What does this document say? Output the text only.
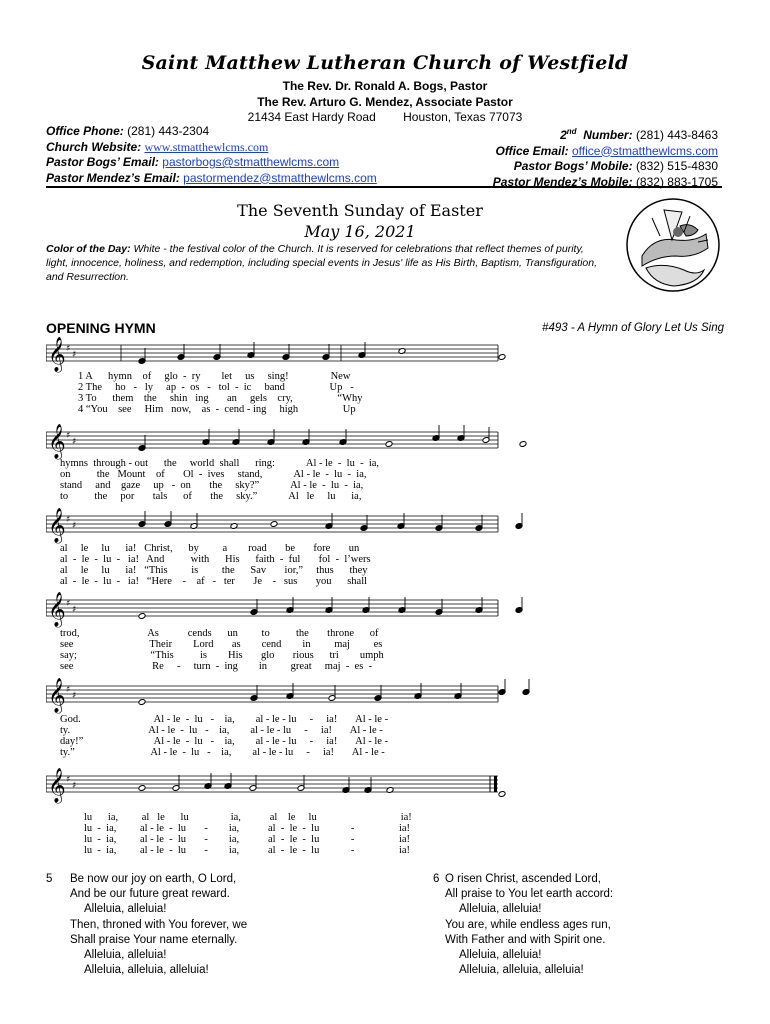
Saint Matthew Lutheran Church of Westfield
The Rev. Dr. Ronald A. Bogs, Pastor
The Rev. Arturo G. Mendez, Associate Pastor
21434 East Hardy Road Houston, Texas 77073
Office Phone: (281) 443-2304
Church Website: www.stmatthewlcms.com
Pastor Bogs’ Email: pastorbogs@stmatthewlcms.com
Pastor Mendez’s Email: pastormendez@stmatthewlcms.com
2nd Number: (281) 443-8463
Office Email: office@stmatthewlcms.com
Pastor Bogs’ Mobile: (832) 515-4830
Pastor Mendez’s Mobile: (832) 883-1705
The Seventh Sunday of Easter
May 16, 2021
Color of the Day: White - the festival color of the Church. It is reserved for celebrations that reflect themes of purity, light, innocence, holiness, and redemption, including special events in Jesus' life as His Birth, Baptism, Transfiguration, and Resurrection.
OPENING HYMN	#493 - A Hymn of Glory Let Us Sing
𝄞 ♯
♯
1 A      hymn    of     glo  -  ry        let     us     sing!                New
2 The     ho   -   ly     ap  -  os   -   tol  -  ic     band                 Up   -
3 To      them    the     shin   ing       an     gels    cry,                 “Why
4 “You    see     Him   now,    as  -  cend - ing     high                 Up
𝄞 ♯
♯
hymns  through - out      the     world  shall      ring:            Al - le  -  lu  -  ia,
on          the   Mount    of       Ol  -  ives     stand,            Al - le  -  lu  -  ia,
stand     and    gaze     up   -  on       the     sky?”            Al - le  -  lu  -  ia,
to          the     por       tals      of       the     sky.”            Al   le     lu      ia,
𝄞 ♯
♯
al     le     lu      ia!   Christ,      by         a        road       be       fore       un
al  -  le  -  lu  -   ia!   And          with      His      faith  -  ful       fol  -  l’wers
al     le     lu      ia!   “This         is         the      Sav       ior,”     thus      they
al  -  le  -  lu  -   ia!   “Here    -    af   -   ter       Je    -   sus       you      shall
𝄞 ♯
♯
trod,                          As           cends      un         to          the       throne      of
see                             Their        Lord       as        cend        in         maj         es
say;                            “This          is        His       glo       rious      tri        umph
see                              Re     -     turn  -  ing        in         great     maj  -  es  -
𝄞 ♯
♯
God.                            Al - le  -  lu   -    ia,        al - le - lu     -     ia!       Al - le -
ty.                              Al - le  -  lu   -    ia,        al - le - lu     -     ia!       Al - le -
day!”                           Al - le  -  lu   -    ia,        al - le - lu     -     ia!       Al - le -
ty.”                             Al - le  -  lu   -    ia,        al - le - lu     -     ia!       Al - le -
𝄞 ♯
♯
lu      ia,         al   le      lu                ia,           al    le     lu                                ia!
lu  -  ia,         al - le  -  lu       -        ia,           al  -  le  -  lu            -                 ia!
lu  -  ia,         al - le  -  lu       -        ia,           al  -  le  -  lu            -                 ia!
lu  -  ia,         al - le  -  lu       -        ia,           al  -  le  -  lu            -                 ia!
5 Be now our joy on earth, O Lord,
And be our future great reward.
Alleluia, alleluia!
Then, throned with You forever, we
Shall praise Your name eternally.
Alleluia, alleluia!
Alleluia, alleluia, alleluia!
6 O risen Christ, ascended Lord,
All praise to You let earth accord:
Alleluia, alleluia!
You are, while endless ages run,
With Father and with Spirit one.
Alleluia, alleluia!
Alleluia, alleluia, alleluia!
